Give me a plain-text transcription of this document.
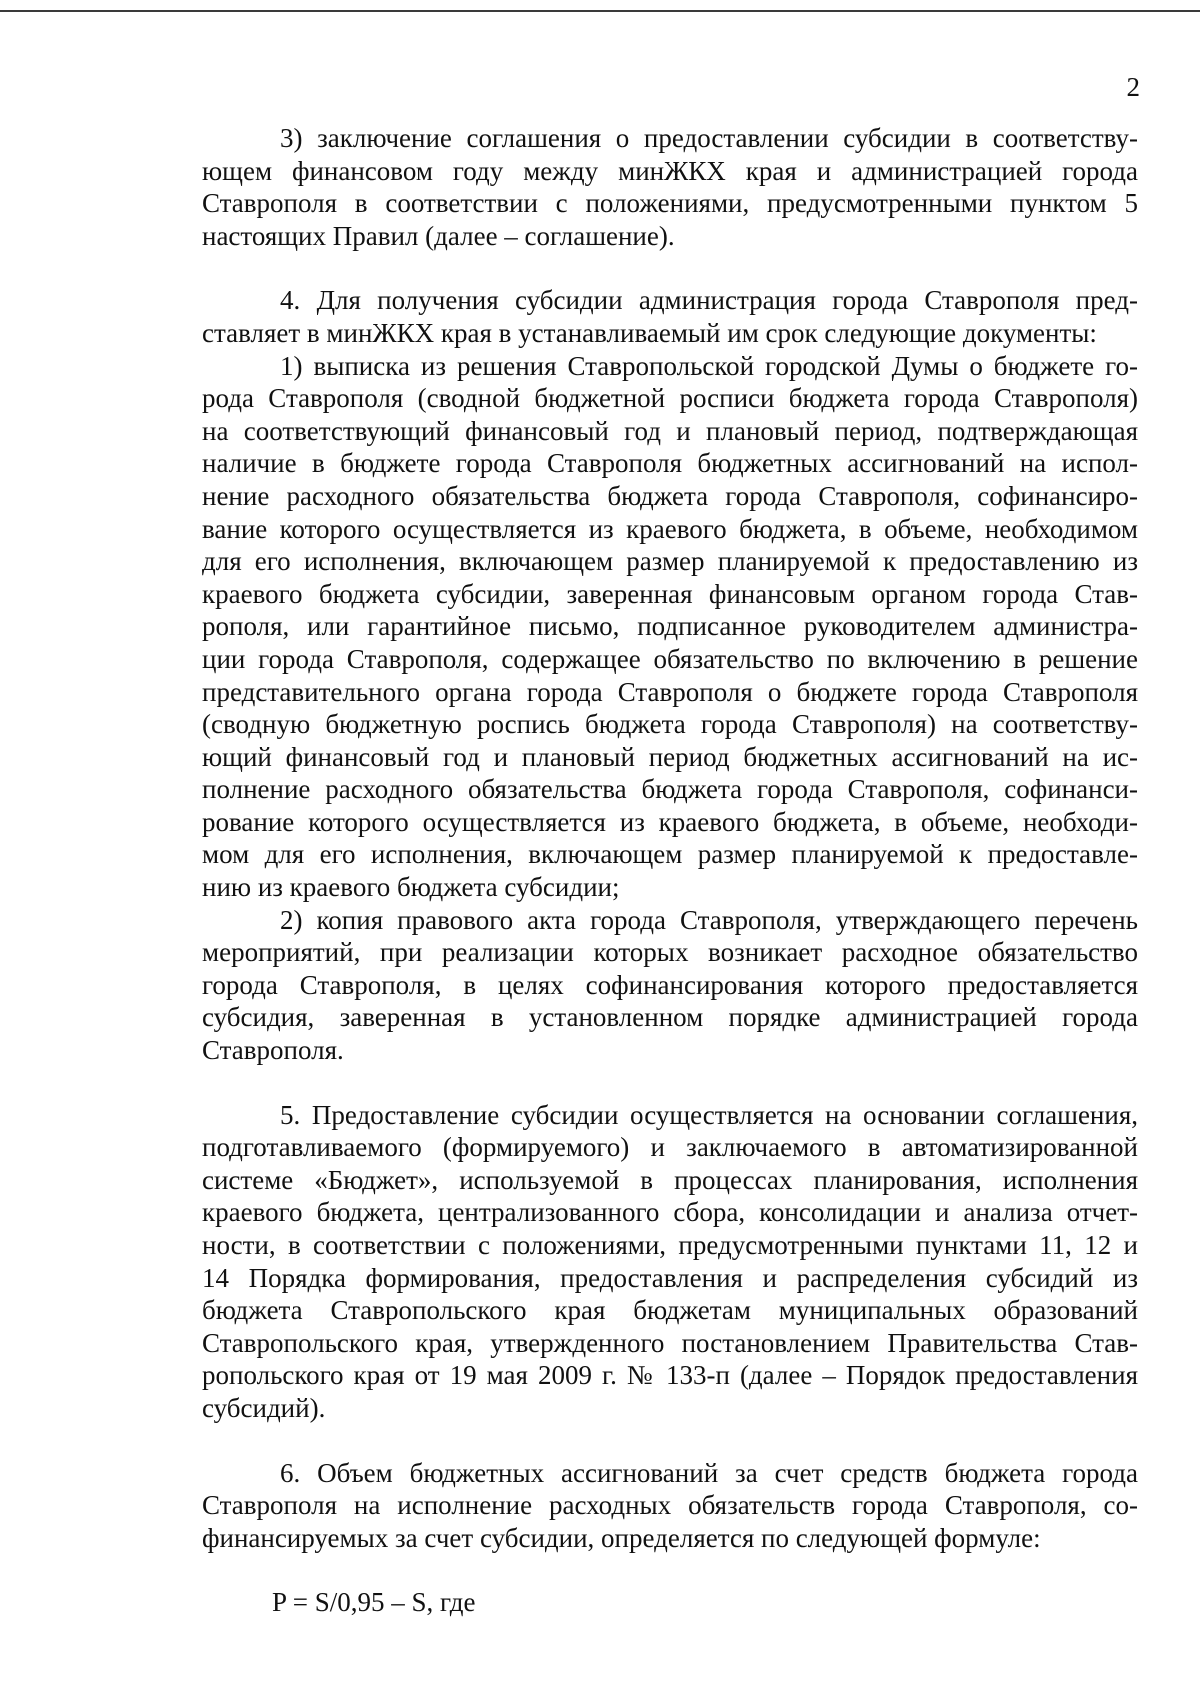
2

3) заключение соглашения о предоставлении субсидии в соответству-
ющем финансовом году между минЖКХ края и администрацией города
Ставрополя в соответствии с положениями, предусмотренными пунктом 5
настоящих Правил (далее – соглашение).

4. Для получения субсидии администрация города Ставрополя пред-
ставляет в минЖКХ края в устанавливаемый им срок следующие документы:

1) выписка из решения Ставропольской городской Думы о бюджете го-
рода Ставрополя (сводной бюджетной росписи бюджета города Ставрополя)
на соответствующий финансовый год и плановый период, подтверждающая
наличие в бюджете города Ставрополя бюджетных ассигнований на испол-
нение расходного обязательства бюджета города Ставрополя, софинансиро-
вание которого осуществляется из краевого бюджета, в объеме, необходимом
для его исполнения, включающем размер планируемой к предоставлению из
краевого бюджета субсидии, заверенная финансовым органом города Став-
рополя, или гарантийное письмо, подписанное руководителем администра-
ции города Ставрополя, содержащее обязательство по включению в решение
представительного органа города Ставрополя о бюджете города Ставрополя
(сводную бюджетную роспись бюджета города Ставрополя) на соответству-
ющий финансовый год и плановый период бюджетных ассигнований на ис-
полнение расходного обязательства бюджета города Ставрополя, софинанси-
рование которого осуществляется из краевого бюджета, в объеме, необходи-
мом для его исполнения, включающем размер планируемой к предоставле-
нию из краевого бюджета субсидии;

2) копия правового акта города Ставрополя, утверждающего перечень
мероприятий, при реализации которых возникает расходное обязательство
города Ставрополя, в целях софинансирования которого предоставляется
субсидия, заверенная в установленном порядке администрацией города
Ставрополя.

5. Предоставление субсидии осуществляется на основании соглашения,
подготавливаемого (формируемого) и заключаемого в автоматизированной
системе «Бюджет», используемой в процессах планирования, исполнения
краевого бюджета, централизованного сбора, консолидации и анализа отчет-
ности, в соответствии с положениями, предусмотренными пунктами 11, 12 и
14 Порядка формирования, предоставления и распределения субсидий из
бюджета Ставропольского края бюджетам муниципальных образований
Ставропольского края, утвержденного постановлением Правительства Став-
ропольского края от 19 мая 2009 г. № 133-п (далее – Порядок предоставления
субсидий).

6. Объем бюджетных ассигнований за счет средств бюджета города
Ставрополя на исполнение расходных обязательств города Ставрополя, со-
финансируемых за счет субсидии, определяется по следующей формуле:

P = S/0,95 – S, где
